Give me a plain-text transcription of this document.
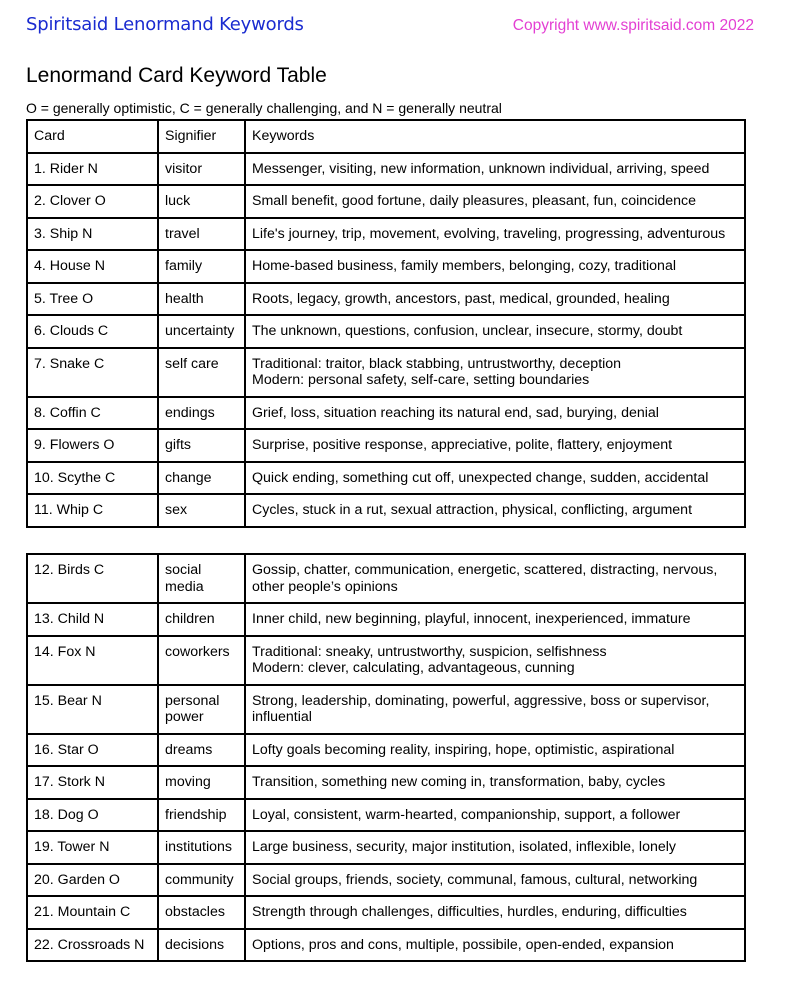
Spiritsaid Lenormand Keywords	Copyright www.spiritsaid.com 2022
Lenormand Card Keyword Table
O = generally optimistic, C = generally challenging, and N = generally neutral
Card	Signifier	Keywords
1. Rider N	visitor	Messenger, visiting, new information, unknown individual, arriving, speed

2. Clover O	luck	Small benefit, good fortune, daily pleasures, pleasant, fun, coincidence

3. Ship N	travel	Life's journey, trip, movement, evolving, traveling, progressing, adventurous

4. House N	family	Home-based business, family members, belonging, cozy, traditional

5. Tree O	health	Roots, legacy, growth, ancestors, past, medical, grounded, healing

6. Clouds C	uncertainty	The unknown, questions, confusion, unclear, insecure, stormy, doubt

7. Snake C	self care	Traditional: traitor, black stabbing, untrustworthy, deception
Modern: personal safety, self-care, setting boundaries

8. Coffin C	endings	Grief, loss, situation reaching its natural end, sad, burying, denial

9. Flowers O	gifts	Surprise, positive response, appreciative, polite, flattery, enjoyment

10. Scythe C	change	Quick ending, something cut off, unexpected change, sudden, accidental

11. Whip C	sex	Cycles, stuck in a rut, sexual attraction, physical, conflicting, argument
12. Birds C	social media	Gossip, chatter, communication, energetic, scattered, distracting, nervous, other people’s opinions

13. Child N	children	Inner child, new beginning, playful, innocent, inexperienced, immature

14. Fox N	coworkers	Traditional: sneaky, untrustworthy, suspicion, selfishness
Modern: clever, calculating, advantageous, cunning

15. Bear N	personal power	Strong, leadership, dominating, powerful, aggressive, boss or supervisor, influential

16. Star O	dreams	Lofty goals becoming reality, inspiring, hope, optimistic, aspirational

17. Stork N	moving	Transition, something new coming in, transformation, baby, cycles

18. Dog O	friendship	Loyal, consistent, warm-hearted, companionship, support, a follower

19. Tower N	institutions	Large business, security, major institution, isolated, inflexible, lonely

20. Garden O	community	Social groups, friends, society, communal, famous, cultural, networking

21. Mountain C	obstacles	Strength through challenges, difficulties, hurdles, enduring, difficulties

22. Crossroads N	decisions	Options, pros and cons, multiple, possibile, open-ended, expansion
